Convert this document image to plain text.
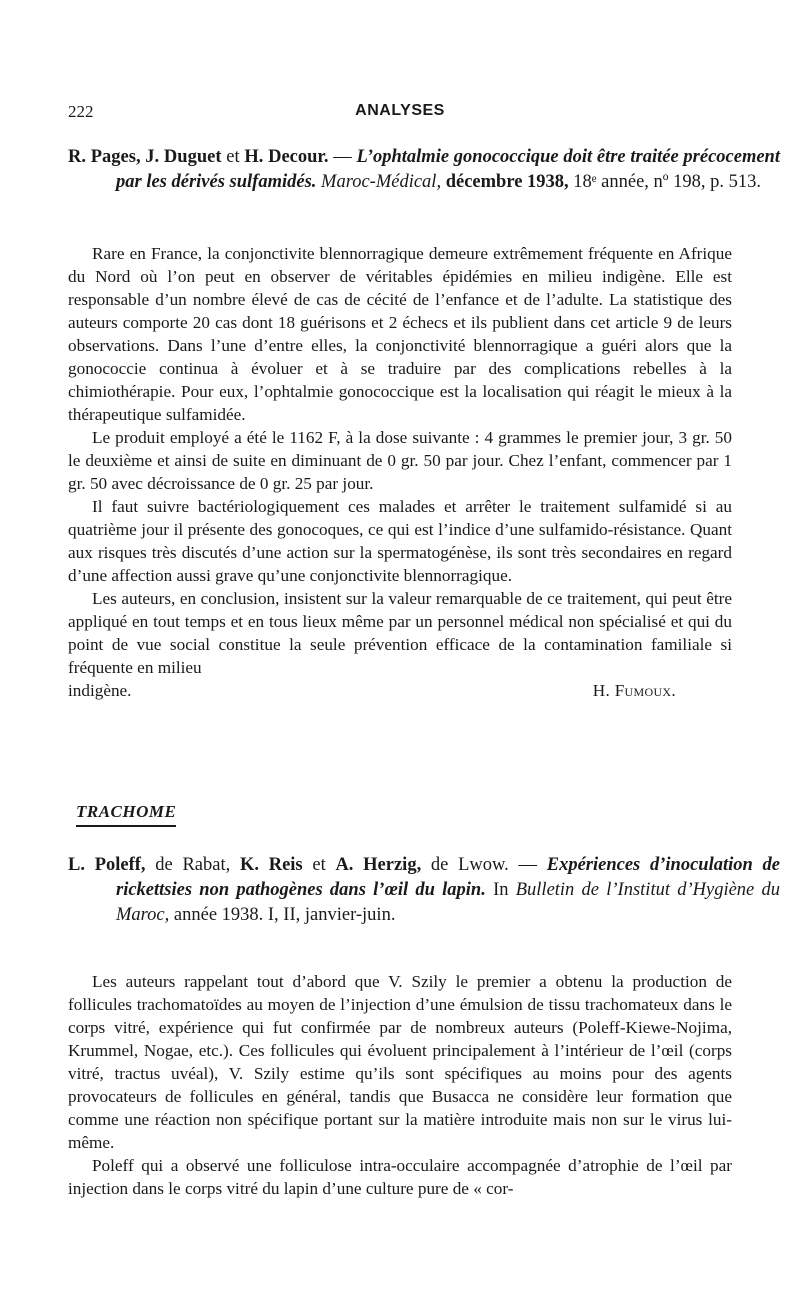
222	ANALYSES
R. Pages, J. Duguet et H. Decour. — L’ophtalmie gonococcique doit être traitée précocement par les dérivés sulfamidés. Maroc-Médical, décembre 1938, 18ᵉ année, nº 198, p. 513.

Rare en France, la conjonctivite blennorragique demeure extrêmement fréquente en Afrique du Nord où l’on peut en observer de véritables épidémies en milieu indigène. Elle est responsable d’un nombre élevé de cas de cécité de l’enfance et de l’adulte. La statistique des auteurs comporte 20 cas dont 18 guérisons et 2 échecs et ils publient dans cet article 9 de leurs observations. Dans l’une d’entre elles, la conjonctivité blennorragique a guéri alors que la gonococcie continua à évoluer et à se traduire par des complications rebelles à la chimiothérapie. Pour eux, l’ophtalmie gonococcique est la localisation qui réagit le mieux à la thérapeutique sulfamidée.

Le produit employé a été le 1162 F, à la dose suivante : 4 grammes le premier jour, 3 gr. 50 le deuxième et ainsi de suite en diminuant de 0 gr. 50 par jour. Chez l’enfant, commencer par 1 gr. 50 avec décroissance de 0 gr. 25 par jour.

Il faut suivre bactériologiquement ces malades et arrêter le traitement sulfamidé si au quatrième jour il présente des gonocoques, ce qui est l’indice d’une sulfamido-résistance. Quant aux risques très discutés d’une action sur la spermatogénèse, ils sont très secondaires en regard d’une affection aussi grave qu’une conjonctivite blennorragique.

Les auteurs, en conclusion, insistent sur la valeur remarquable de ce traitement, qui peut être appliqué en tout temps et en tous lieux même par un personnel médical non spécialisé et qui du point de vue social constitue la seule prévention efficace de la contamination familiale si fréquente en milieu

indigène.	H. Fumoux.
TRACHOME
L. Poleff, de Rabat, K. Reis et A. Herzig, de Lwow. — Expériences d’inoculation de rickettsies non pathogènes dans l’œil du lapin. In Bulletin de l’Institut d’Hygiène du Maroc, année 1938. I, II, janvier-juin.

Les auteurs rappelant tout d’abord que V. Szily le premier a obtenu la production de follicules trachomatoïdes au moyen de l’injection d’une émulsion de tissu trachomateux dans le corps vitré, expérience qui fut confirmée par de nombreux auteurs (Poleff-Kiewe-Nojima, Krummel, Nogae, etc.). Ces follicules qui évoluent principalement à l’intérieur de l’œil (corps vitré, tractus uvéal), V. Szily estime qu’ils sont spécifiques au moins pour des agents provocateurs de follicules en général, tandis que Busacca ne considère leur formation que comme une réaction non spécifique portant sur la matière introduite mais non sur le virus lui-même.

Poleff qui a observé une folliculose intra-occulaire accompagnée d’atrophie de l’œil par injection dans le corps vitré du lapin d’une culture pure de « cor-
